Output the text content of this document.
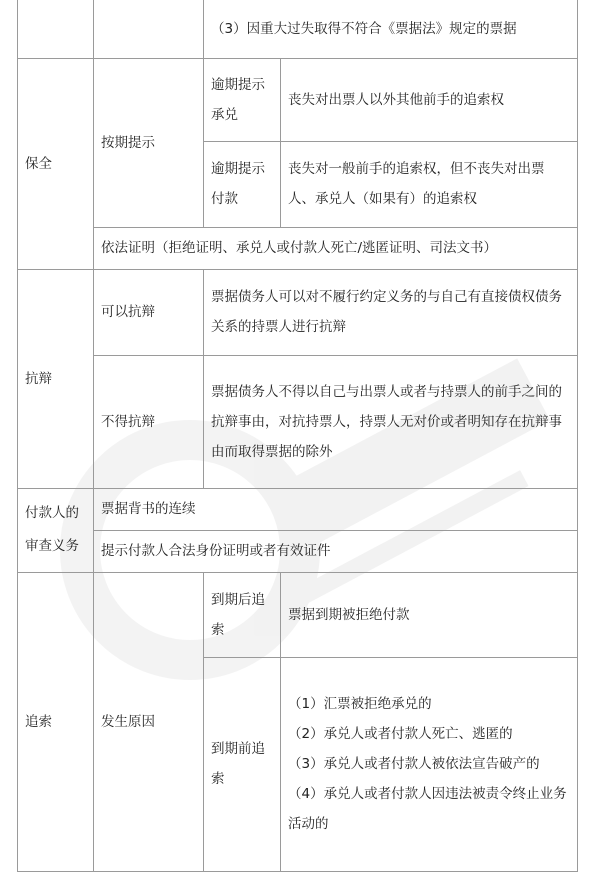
		（3）因重大过失取得不符合《票据法》规定的票据	
保全	按期提示	逾期提示承兑	丧失对出票人以外其他前手的追索权
		逾期提示付款	丧失对一般前手的追索权，但不丧失对出票人、承兑人（如果有）的追索权
	依法证明（拒绝证明、承兑人或付款人死亡/逃匿证明、司法文书）		
抗辩	可以抗辩	票据债务人可以对不履行约定义务的与自己有直接债权债务关系的持票人进行抗辩	
	不得抗辩	票据债务人不得以自己与出票人或者与持票人的前手之间的抗辩事由，对抗持票人，持票人无对价或者明知存在抗辩事由而取得票据的除外	
付款人的审查义务	票据背书的连续		
	提示付款人合法身份证明或者有效证件		
追索	发生原因	到期后追索	票据到期被拒绝付款
		到期前追索	（1）汇票被拒绝承兑的
（2）承兑人或者付款人死亡、逃匿的
（3）承兑人或者付款人被依法宣告破产的
（4）承兑人或者付款人因违法被责令终止业务活动的
